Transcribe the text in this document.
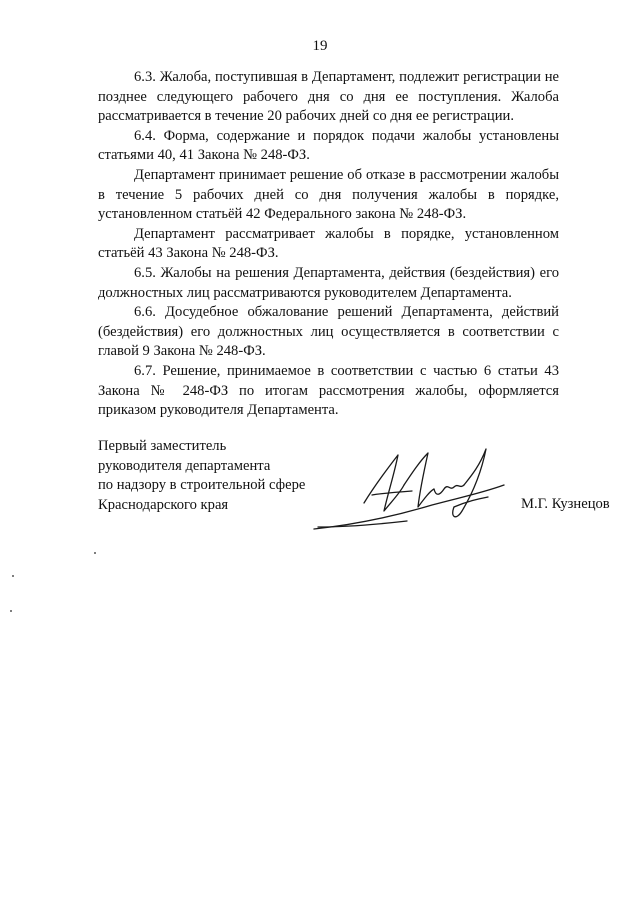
19

6.3. Жалоба, поступившая в Департамент, подлежит регистрации не позднее следующего рабочего дня со дня ее поступления. Жалоба рассматривается в течение 20 рабочих дней со дня ее регистрации.

6.4. Форма, содержание и порядок подачи жалобы установлены статьями 40, 41 Закона № 248-ФЗ.

Департамент принимает решение об отказе в рассмотрении жалобы в течение 5 рабочих дней со дня получения жалобы в порядке, установленном статьёй 42 Федерального закона № 248-ФЗ.

Департамент рассматривает жалобы в порядке, установленном статьёй 43 Закона № 248-ФЗ.

6.5. Жалобы на решения Департамента, действия (бездействия) его должностных лиц рассматриваются руководителем Департамента.

6.6. Досудебное обжалование решений Департамента, действий (бездействия) его должностных лиц осуществляется в соответствии с главой 9 Закона № 248-ФЗ.

6.7. Решение, принимаемое в соответствии с частью 6 статьи 43 Закона № 248-ФЗ по итогам рассмотрения жалобы, оформляется приказом руководителя Департамента.

Первый заместитель
руководителя департамента
по надзору в строительной сфере
Краснодарского края	М.Г. Кузнецов
